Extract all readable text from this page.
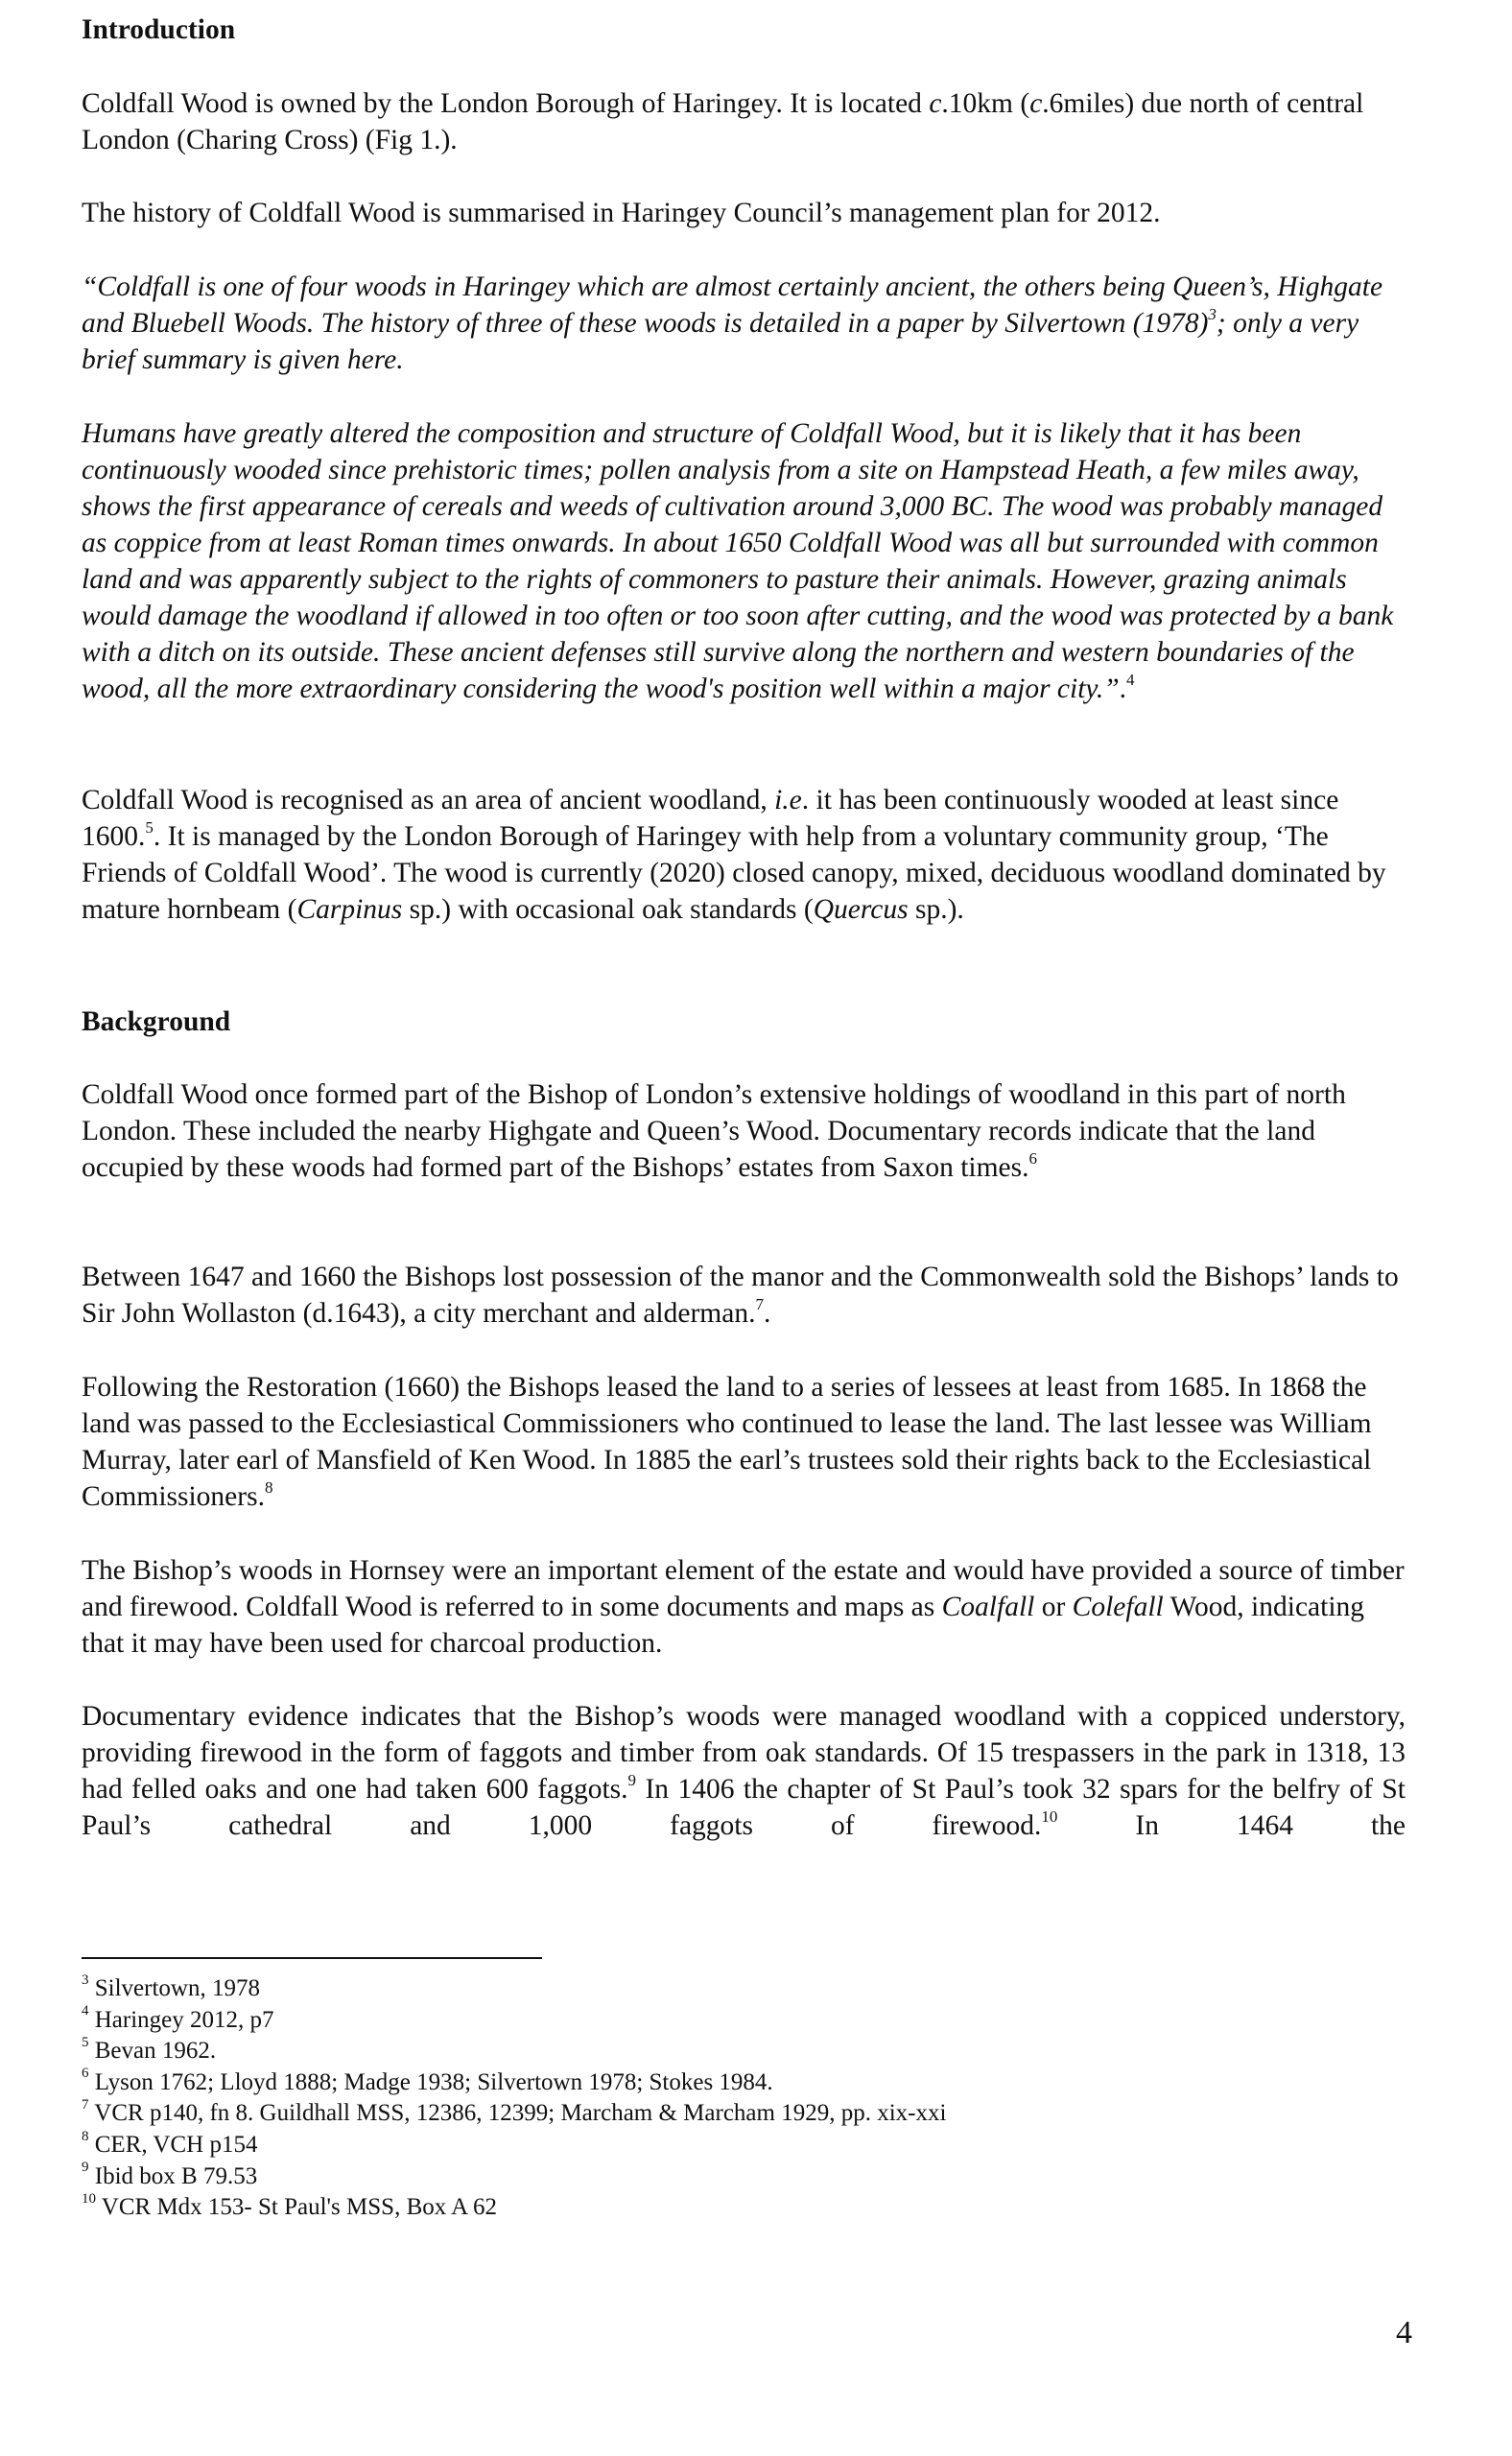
Introduction
Coldfall Wood is owned by the London Borough of Haringey. It is located c.10km (c.6miles) due north of central London (Charing Cross) (Fig 1.).
The history of Coldfall Wood is summarised in Haringey Council’s management plan for 2012.
“Coldfall is one of four woods in Haringey which are almost certainly ancient, the others being Queen’s, Highgate and Bluebell Woods. The history of three of these woods is detailed in a paper by Silvertown $(1978)^3$; only a very brief summary is given here.
Humans have greatly altered the composition and structure of Coldfall Wood, but it is likely that it has been continuously wooded since prehistoric times; pollen analysis from a site on Hampstead Heath, a few miles away, shows the first appearance of cereals and weeds of cultivation around 3,000 BC. The wood was probably managed as coppice from at least Roman times onwards. In about 1650 Coldfall Wood was all but surrounded with common land and was apparently subject to the rights of commoners to pasture their animals. However, grazing animals would damage the woodland if allowed in too often or too soon after cutting, and the wood was protected by a bank with a ditch on its outside. These ancient defenses still survive along the northern and western boundaries of the wood, all the more extraordinary considering the wood's position well within a major city.”.$^4$
Coldfall Wood is recognised as an area of ancient woodland, i.e. it has been continuously wooded at least since 1600.$^5$. It is managed by the London Borough of Haringey with help from a voluntary community group, ‘The Friends of Coldfall Wood’. The wood is currently (2020) closed canopy, mixed, deciduous woodland dominated by mature hornbeam (Carpinus sp.) with occasional oak standards (Quercus sp.).
Background
Coldfall Wood once formed part of the Bishop of London’s extensive holdings of woodland in this part of north London. These included the nearby Highgate and Queen’s Wood. Documentary records indicate that the land occupied by these woods had formed part of the Bishops’ estates from Saxon times.$^6$
Between 1647 and 1660 the Bishops lost possession of the manor and the Commonwealth sold the Bishops’ lands to Sir John Wollaston (d.1643), a city merchant and alderman.$^7$.
Following the Restoration (1660) the Bishops leased the land to a series of lessees at least from 1685. In 1868 the land was passed to the Ecclesiastical Commissioners who continued to lease the land. The last lessee was William Murray, later earl of Mansfield of Ken Wood. In 1885 the earl’s trustees sold their rights back to the Ecclesiastical Commissioners.$^8$
The Bishop’s woods in Hornsey were an important element of the estate and would have provided a source of timber and firewood. Coldfall Wood is referred to in some documents and maps as Coalfall or Colefall Wood, indicating that it may have been used for charcoal production.
Documentary evidence indicates that the Bishop’s woods were managed woodland with a coppiced understory, providing firewood in the form of faggots and timber from oak standards. Of 15 trespassers in the park in 1318, 13 had felled oaks and one had taken 600 faggots.$^9$ In 1406 the chapter of St Paul’s took 32 spars for the belfry of St Paul’s cathedral and 1,000 faggots of firewood.$^{10}$ In 1464 the
$^3$ Silvertown, 1978
$^4$ Haringey 2012, p7
$^5$ Bevan 1962.
$^6$ Lyson 1762; Lloyd 1888; Madge 1938; Silvertown 1978; Stokes 1984.
$^7$ VCR p140, fn 8. Guildhall MSS, 12386, 12399; Marcham & Marcham 1929, pp. xix-xxi
$^8$ CER, VCH p154
$^9$ Ibid box B 79.53
$^{10}$ VCR Mdx 153- St Paul's MSS, Box A 62
4
